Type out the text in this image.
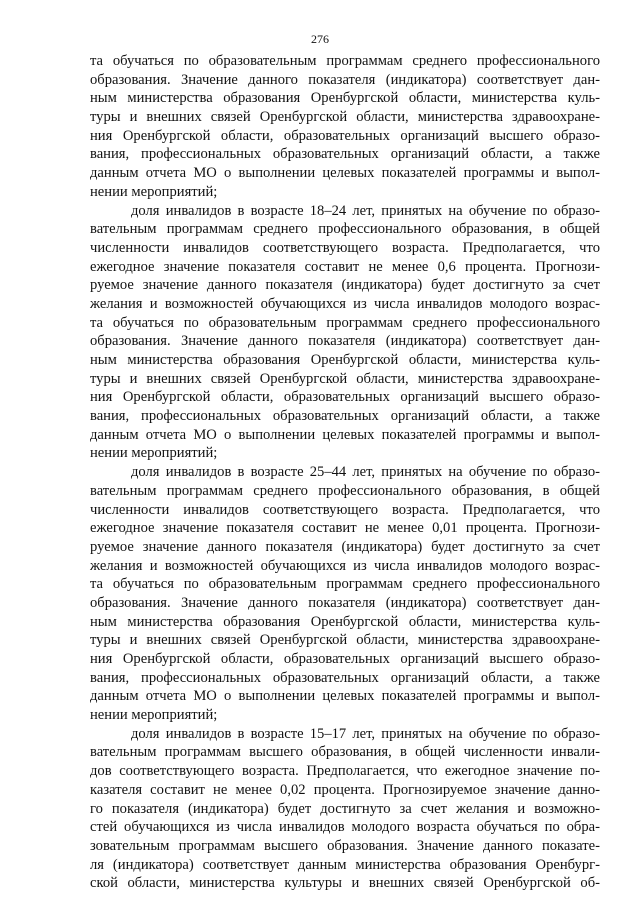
276
та обучаться по образовательным программам среднего профессионального
образования. Значение данного показателя (индикатора) соответствует дан-
ным министерства образования Оренбургской области, министерства куль-
туры и внешних связей Оренбургской области, министерства здравоохране-
ния Оренбургской области, образовательных организаций высшего образо-
вания, профессиональных образовательных организаций области, а также
данным отчета МО о выполнении целевых показателей программы и выпол-
нении мероприятий;
доля инвалидов в возрасте 18–24 лет, принятых на обучение по образо-
вательным программам среднего профессионального образования, в общей
численности инвалидов соответствующего возраста. Предполагается, что
ежегодное значение показателя составит не менее 0,6 процента. Прогнози-
руемое значение данного показателя (индикатора) будет достигнуто за счет
желания и возможностей обучающихся из числа инвалидов молодого возрас-
та обучаться по образовательным программам среднего профессионального
образования. Значение данного показателя (индикатора) соответствует дан-
ным министерства образования Оренбургской области, министерства куль-
туры и внешних связей Оренбургской области, министерства здравоохране-
ния Оренбургской области, образовательных организаций высшего образо-
вания, профессиональных образовательных организаций области, а также
данным отчета МО о выполнении целевых показателей программы и выпол-
нении мероприятий;
доля инвалидов в возрасте 25–44 лет, принятых на обучение по образо-
вательным программам среднего профессионального образования, в общей
численности инвалидов соответствующего возраста. Предполагается, что
ежегодное значение показателя составит не менее 0,01 процента. Прогнози-
руемое значение данного показателя (индикатора) будет достигнуто за счет
желания и возможностей обучающихся из числа инвалидов молодого возрас-
та обучаться по образовательным программам среднего профессионального
образования. Значение данного показателя (индикатора) соответствует дан-
ным министерства образования Оренбургской области, министерства куль-
туры и внешних связей Оренбургской области, министерства здравоохране-
ния Оренбургской области, образовательных организаций высшего образо-
вания, профессиональных образовательных организаций области, а также
данным отчета МО о выполнении целевых показателей программы и выпол-
нении мероприятий;
доля инвалидов в возрасте 15–17 лет, принятых на обучение по образо-
вательным программам высшего образования, в общей численности инвали-
дов соответствующего возраста. Предполагается, что ежегодное значение по-
казателя составит не менее 0,02 процента. Прогнозируемое значение данно-
го показателя (индикатора) будет достигнуто за счет желания и возможно-
стей обучающихся из числа инвалидов молодого возраста обучаться по обра-
зовательным программам высшего образования. Значение данного показате-
ля (индикатора) соответствует данным министерства образования Оренбург-
ской области, министерства культуры и внешних связей Оренбургской об-
